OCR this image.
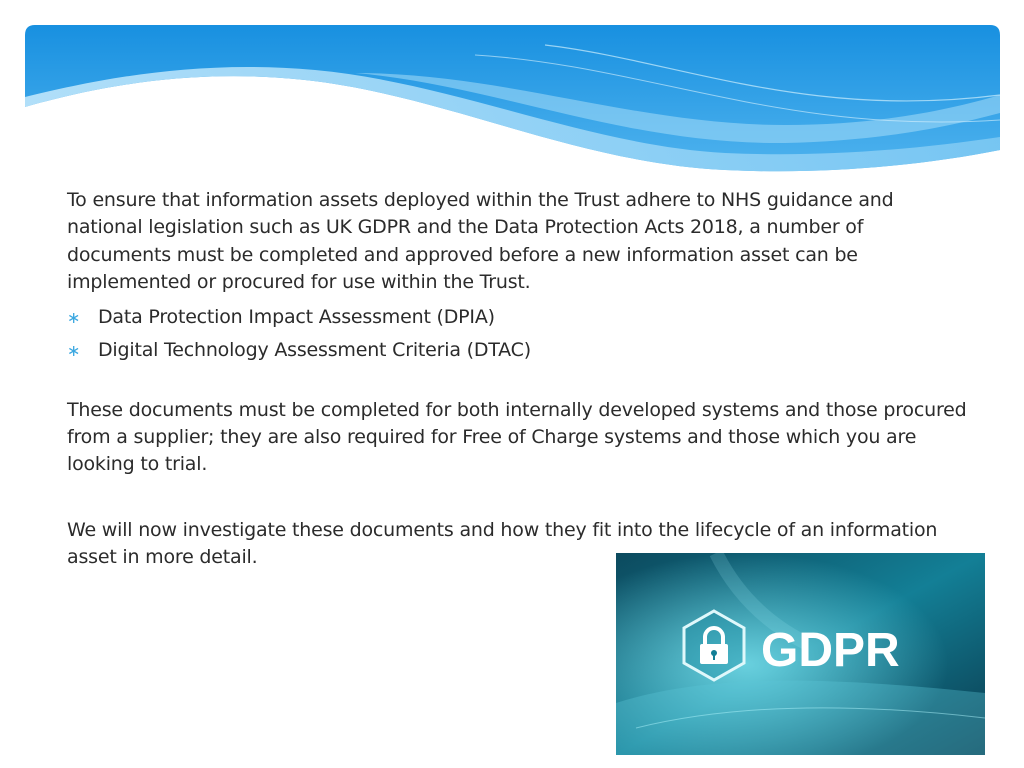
To ensure that information assets deployed within the Trust adhere to NHS guidance and national legislation such as UK GDPR and the Data Protection Acts 2018, a number of documents must be completed and approved before a new information asset can be implemented or procured for use within the Trust.

∗ Data Protection Impact Assessment (DPIA)
∗ Digital Technology Assessment Criteria (DTAC)

These documents must be completed for both internally developed systems and those procured from a supplier; they are also required for Free of Charge systems and those which you are looking to trial.

We will now investigate these documents and how they fit into the lifecycle of an information asset in more detail.

GDPR
